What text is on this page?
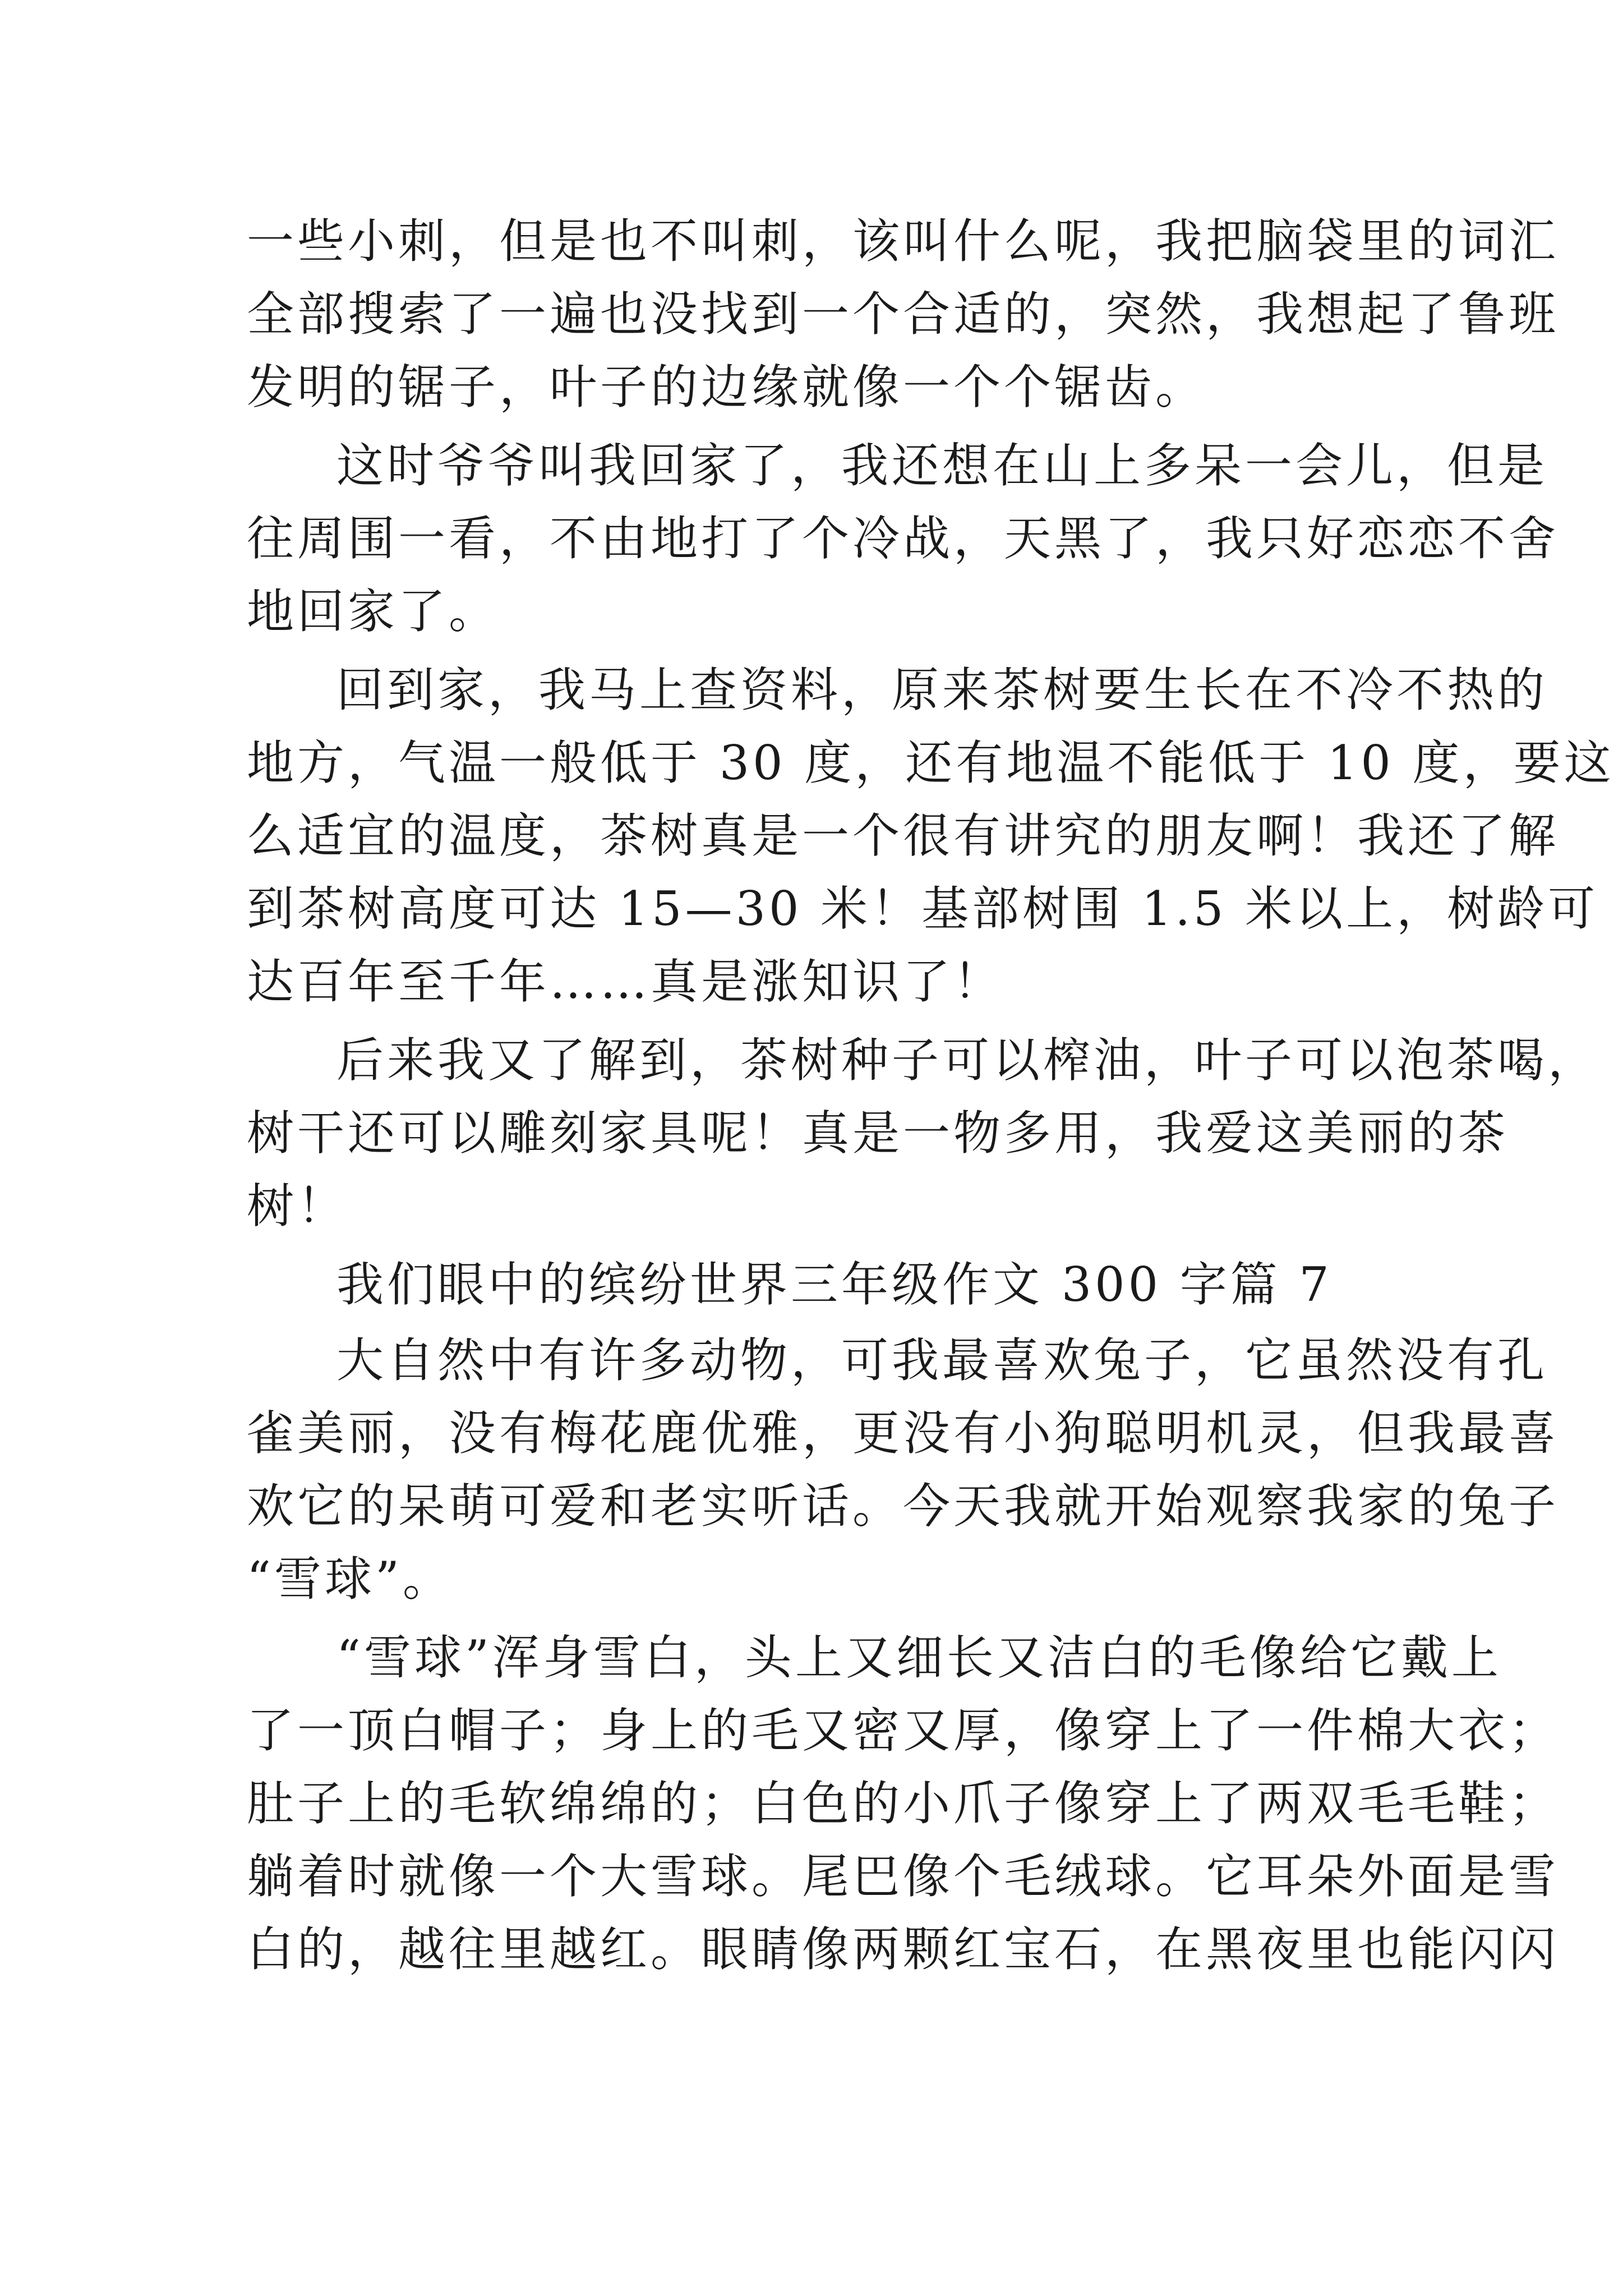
一些小刺，但是也不叫刺，该叫什么呢，我把脑袋里的词汇
全部搜索了一遍也没找到一个合适的，突然，我想起了鲁班
发明的锯子，叶子的边缘就像一个个锯齿。
这时爷爷叫我回家了，我还想在山上多呆一会儿，但是
往周围一看，不由地打了个冷战，天黑了，我只好恋恋不舍
地回家了。
回到家，我马上查资料，原来茶树要生长在不冷不热的
地方，气温一般低于 30 度，还有地温不能低于 10 度，要这
么适宜的温度，茶树真是一个很有讲究的朋友啊！我还了解
到茶树高度可达 15—30 米！基部树围 1.5 米以上，树龄可
达百年至千年……真是涨知识了！
后来我又了解到，茶树种子可以榨油，叶子可以泡茶喝，
树干还可以雕刻家具呢！真是一物多用，我爱这美丽的茶
树！
我们眼中的缤纷世界三年级作文 300 字篇 7
大自然中有许多动物，可我最喜欢兔子，它虽然没有孔
雀美丽，没有梅花鹿优雅，更没有小狗聪明机灵，但我最喜
欢它的呆萌可爱和老实听话。今天我就开始观察我家的兔子
“雪球”。
“雪球”浑身雪白，头上又细长又洁白的毛像给它戴上
了一顶白帽子；身上的毛又密又厚，像穿上了一件棉大衣；
肚子上的毛软绵绵的；白色的小爪子像穿上了两双毛毛鞋；
躺着时就像一个大雪球。尾巴像个毛绒球。它耳朵外面是雪
白的，越往里越红。眼睛像两颗红宝石，在黑夜里也能闪闪
